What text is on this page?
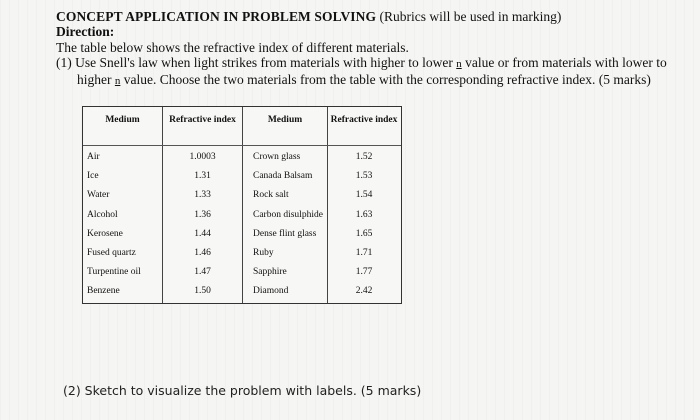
CONCEPT APPLICATION IN PROBLEM SOLVING (Rubrics will be used in marking)
Direction:
The table below shows the refractive index of different materials.
(1) Use Snell's law when light strikes from materials with higher to lower n value or from materials with lower to
higher n value. Choose the two materials from the table with the corresponding refractive index. (5 marks)
Medium	Refractive index	Medium	Refractive index
Air	1.0003	Crown glass	1.52
Ice	1.31	Canada Balsam	1.53
Water	1.33	Rock salt	1.54
Alcohol	1.36	Carbon disulphide	1.63
Kerosene	1.44	Dense flint glass	1.65
Fused quartz	1.46	Ruby	1.71
Turpentine oil	1.47	Sapphire	1.77
Benzene	1.50	Diamond	2.42
(2) Sketch to visualize the problem with labels. (5 marks)
